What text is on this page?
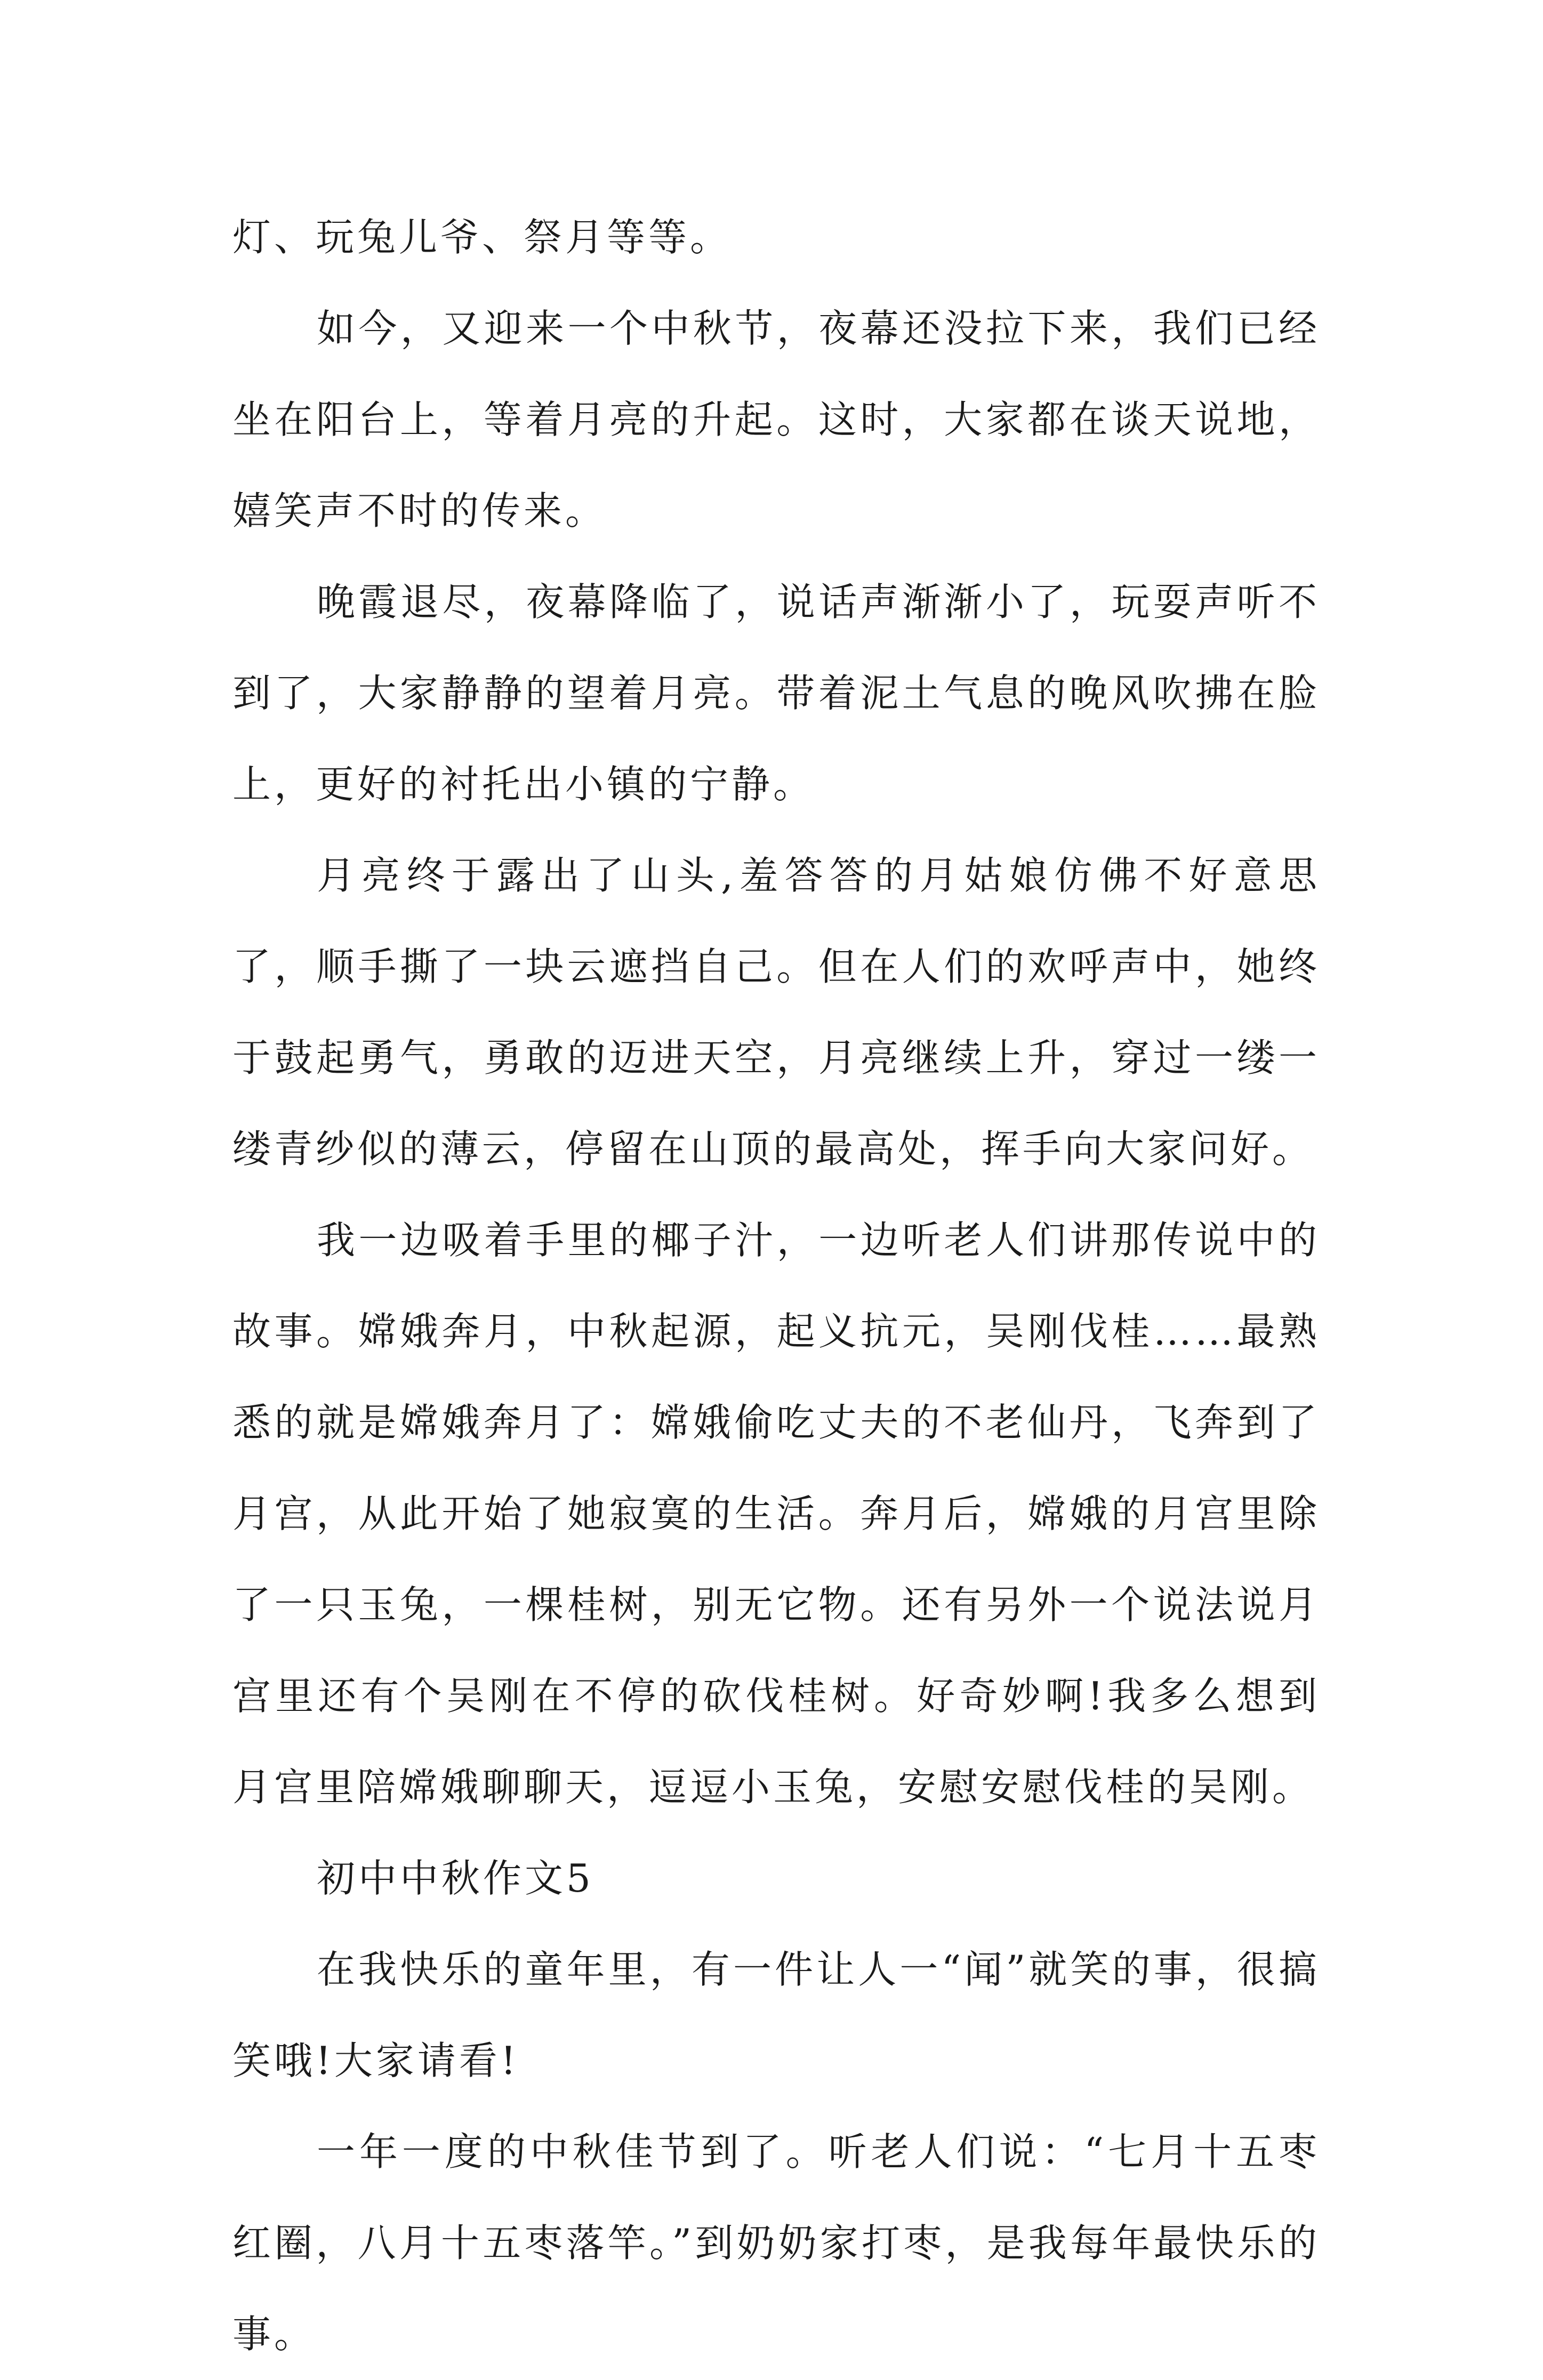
灯、玩兔儿爷、祭月等等。

如今，又迎来一个中秋节，夜幕还没拉下来，我们已经坐在阳台上，等着月亮的升起。这时，大家都在谈天说地，嬉笑声不时的传来。

晚霞退尽，夜幕降临了，说话声渐渐小了，玩耍声听不到了，大家静静的望着月亮。带着泥土气息的晚风吹拂在脸上，更好的衬托出小镇的宁静。

月亮终于露出了山头,羞答答的月姑娘仿佛不好意思了，顺手撕了一块云遮挡自己。但在人们的欢呼声中，她终于鼓起勇气，勇敢的迈进天空，月亮继续上升，穿过一缕一缕青纱似的薄云，停留在山顶的最高处，挥手向大家问好。

我一边吸着手里的椰子汁，一边听老人们讲那传说中的故事。嫦娥奔月，中秋起源，起义抗元，吴刚伐桂……最熟悉的就是嫦娥奔月了：嫦娥偷吃丈夫的不老仙丹，飞奔到了月宫，从此开始了她寂寞的生活。奔月后，嫦娥的月宫里除了一只玉兔，一棵桂树，别无它物。还有另外一个说法说月宫里还有个吴刚在不停的砍伐桂树。好奇妙啊!我多么想到月宫里陪嫦娥聊聊天，逗逗小玉兔，安慰安慰伐桂的吴刚。

初中中秋作文5

在我快乐的童年里，有一件让人一“闻”就笑的事，很搞笑哦!大家请看!

一年一度的中秋佳节到了。听老人们说：“七月十五枣红圈，八月十五枣落竿。”到奶奶家打枣，是我每年最快乐的事。
